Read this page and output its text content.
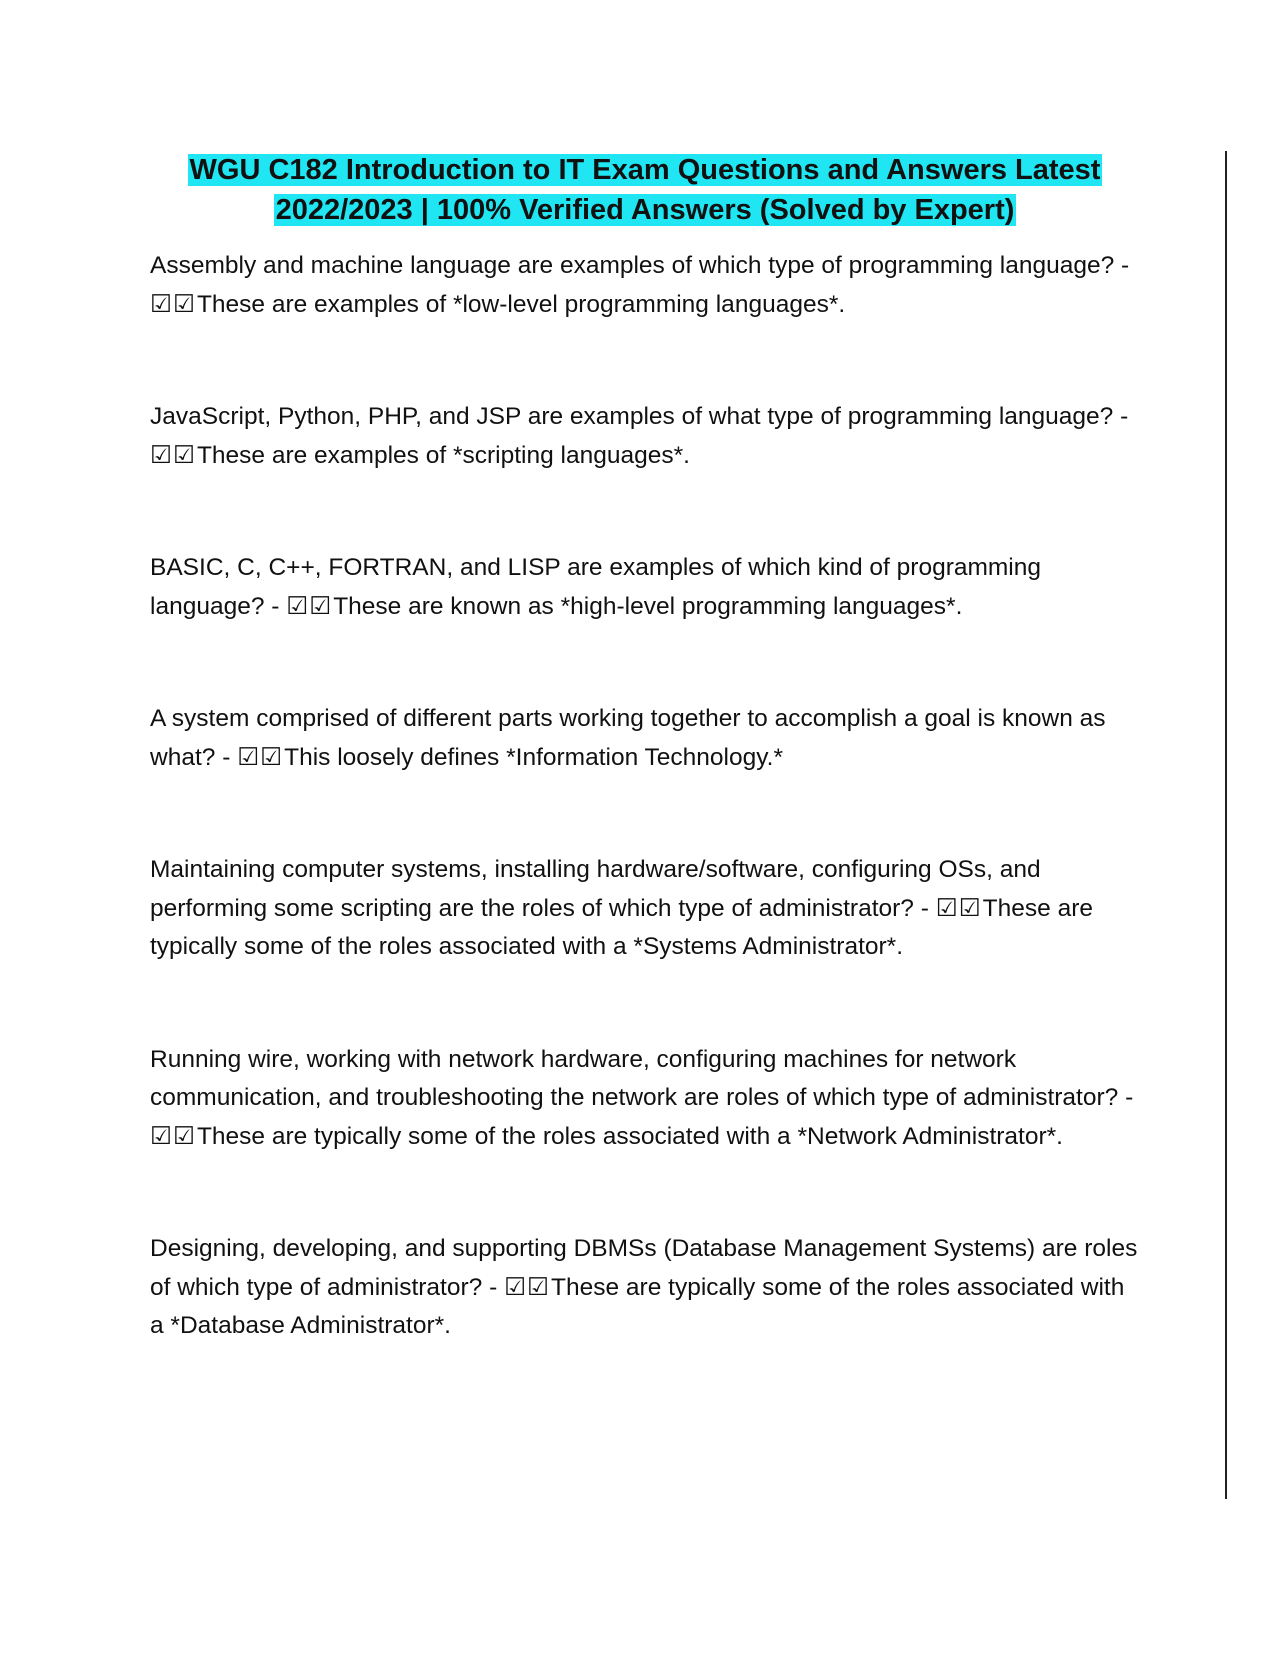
WGU C182 Introduction to IT Exam Questions and Answers Latest
2022/2023 | 100% Verified Answers (Solved by Expert)
Assembly and machine language are examples of which type of programming language? - ☑☑These are examples of *low-level programming languages*.
JavaScript, Python, PHP, and JSP are examples of what type of programming language? - ☑☑These are examples of *scripting languages*.
BASIC, C, C++, FORTRAN, and LISP are examples of which kind of programming language? - ☑☑These are known as *high-level programming languages*.
A system comprised of different parts working together to accomplish a goal is known as what? - ☑☑This loosely defines *Information Technology.*
Maintaining computer systems, installing hardware/software, configuring OSs, and performing some scripting are the roles of which type of administrator? - ☑☑These are typically some of the roles associated with a *Systems Administrator*.
Running wire, working with network hardware, configuring machines for network communication, and troubleshooting the network are roles of which type of administrator? - ☑☑These are typically some of the roles associated with a *Network Administrator*.
Designing, developing, and supporting DBMSs (Database Management Systems) are roles of which type of administrator? - ☑☑These are typically some of the roles associated with a *Database Administrator*.
